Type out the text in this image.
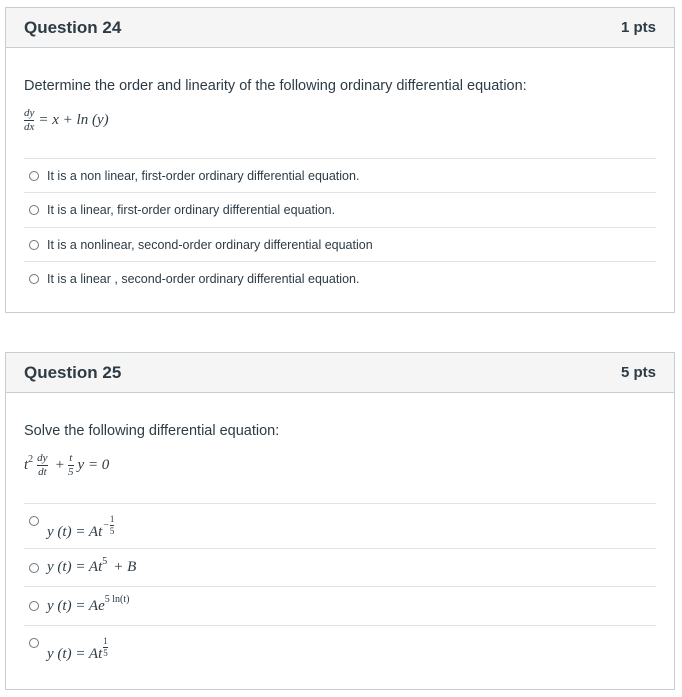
Question 24	1 pts
Determine the order and linearity of the following ordinary differential equation:
$\frac{dy}{dx} = x + \ln (y)$
It is a non linear, first-order ordinary differential equation.
It is a linear, first-order ordinary differential equation.
It is a nonlinear, second-order ordinary differential equation
It is a linear , second-order ordinary differential equation.
Question 25	5 pts
Solve the following differential equation:
$t^2 \frac{dy}{dt} + \frac{t}{5}$ y = 0
y (t) = At −
1
5
y $(t) = At^5 + B$
y $(t) = Ae^{5 ln(t)}$
y (t) = At
1
5
